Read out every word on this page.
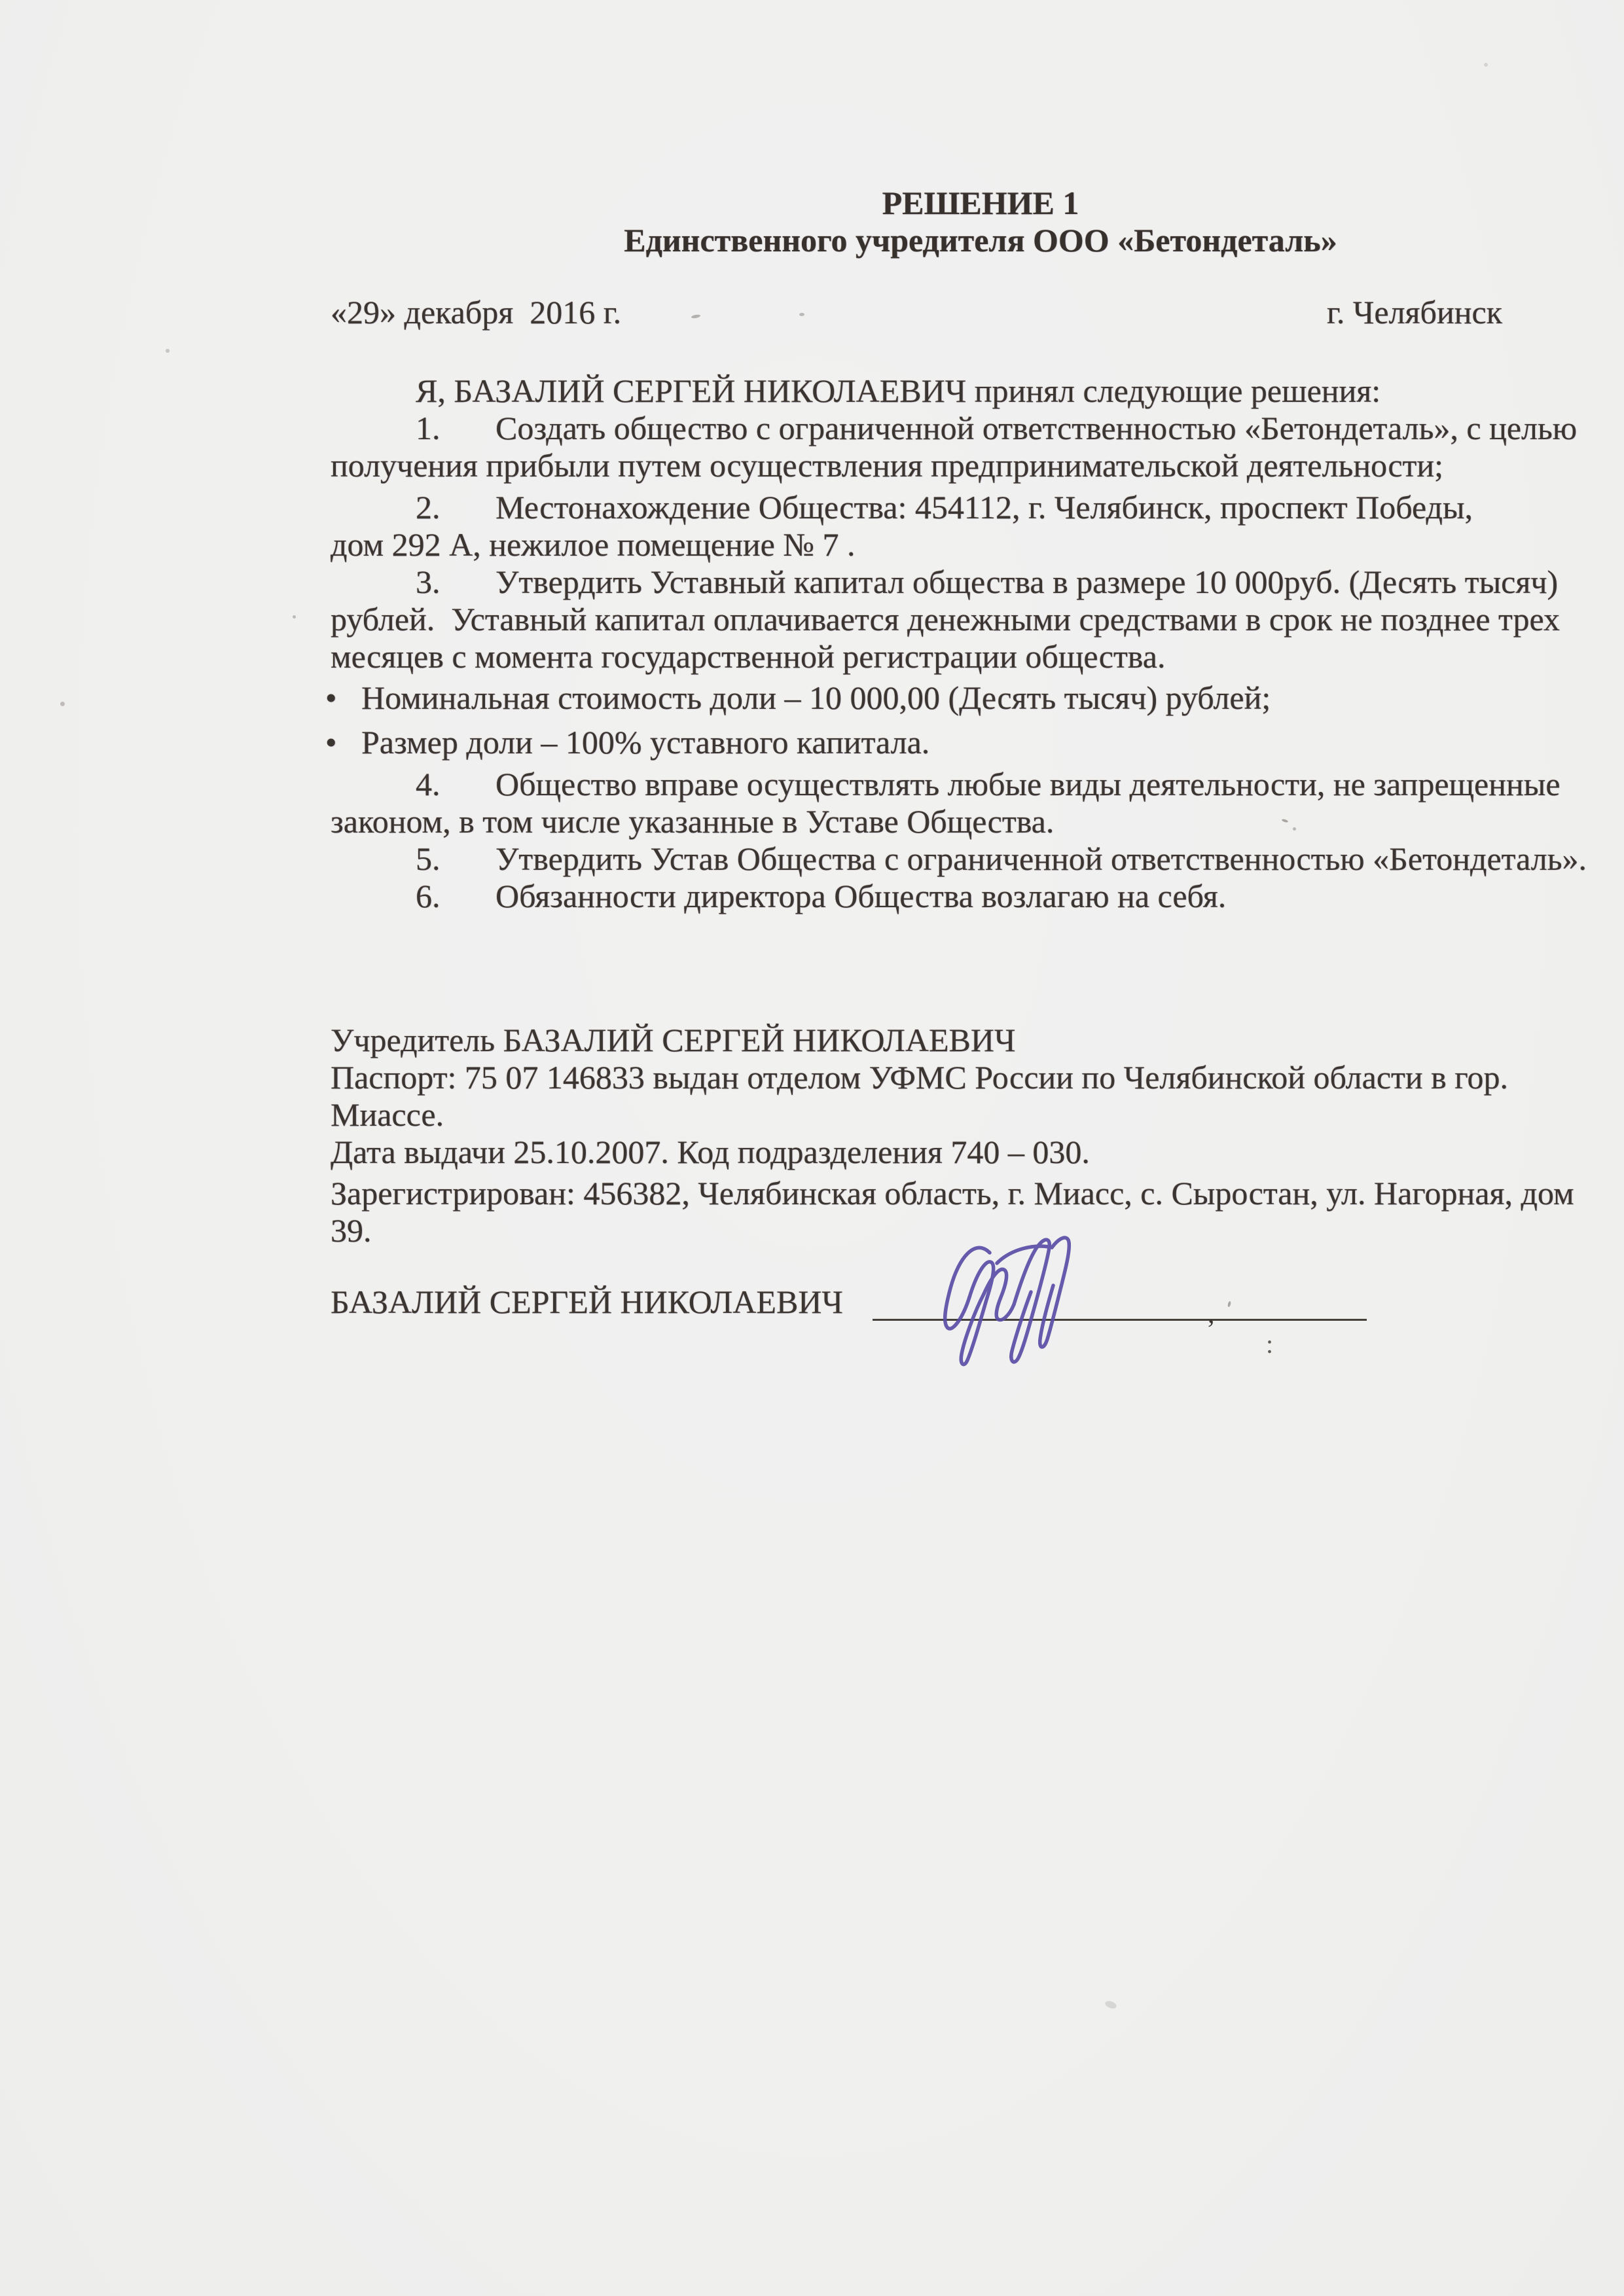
РЕШЕНИЕ 1
Единственного учредителя ООО «Бетондеталь»
«29» декабря  2016 г.	г. Челябинск
Я, БАЗАЛИЙ СЕРГЕЙ НИКОЛАЕВИЧ принял следующие решения:
1. Создать общество с ограниченной ответственностью «Бетондеталь», с целью
получения прибыли путем осуществления предпринимательской деятельности;
2. Местонахождение Общества: 454112, г. Челябинск, проспект Победы,
дом 292 А, нежилое помещение № 7 .
3. Утвердить Уставный капитал общества в размере 10 000руб. (Десять тысяч)
рублей.  Уставный капитал оплачивается денежными средствами в срок не позднее трех
месяцев с момента государственной регистрации общества.
• Номинальная стоимость доли – 10 000,00 (Десять тысяч) рублей;
• Размер доли – 100% уставного капитала.
4. Общество вправе осуществлять любые виды деятельности, не запрещенные
законом, в том числе указанные в Уставе Общества.
5. Утвердить Устав Общества с ограниченной ответственностью «Бетондеталь».
6. Обязанности директора Общества возлагаю на себя.
Учредитель БАЗАЛИЙ СЕРГЕЙ НИКОЛАЕВИЧ
Паспорт: 75 07 146833 выдан отделом УФМС России по Челябинской области в гор.
Миассе.
Дата выдачи 25.10.2007. Код подразделения 740 – 030.
Зарегистрирован: 456382, Челябинская область, г. Миасс, с. Сыростан, ул. Нагорная, дом
39.
БАЗАЛИЙ СЕРГЕЙ НИКОЛАЕВИЧ	,
:
